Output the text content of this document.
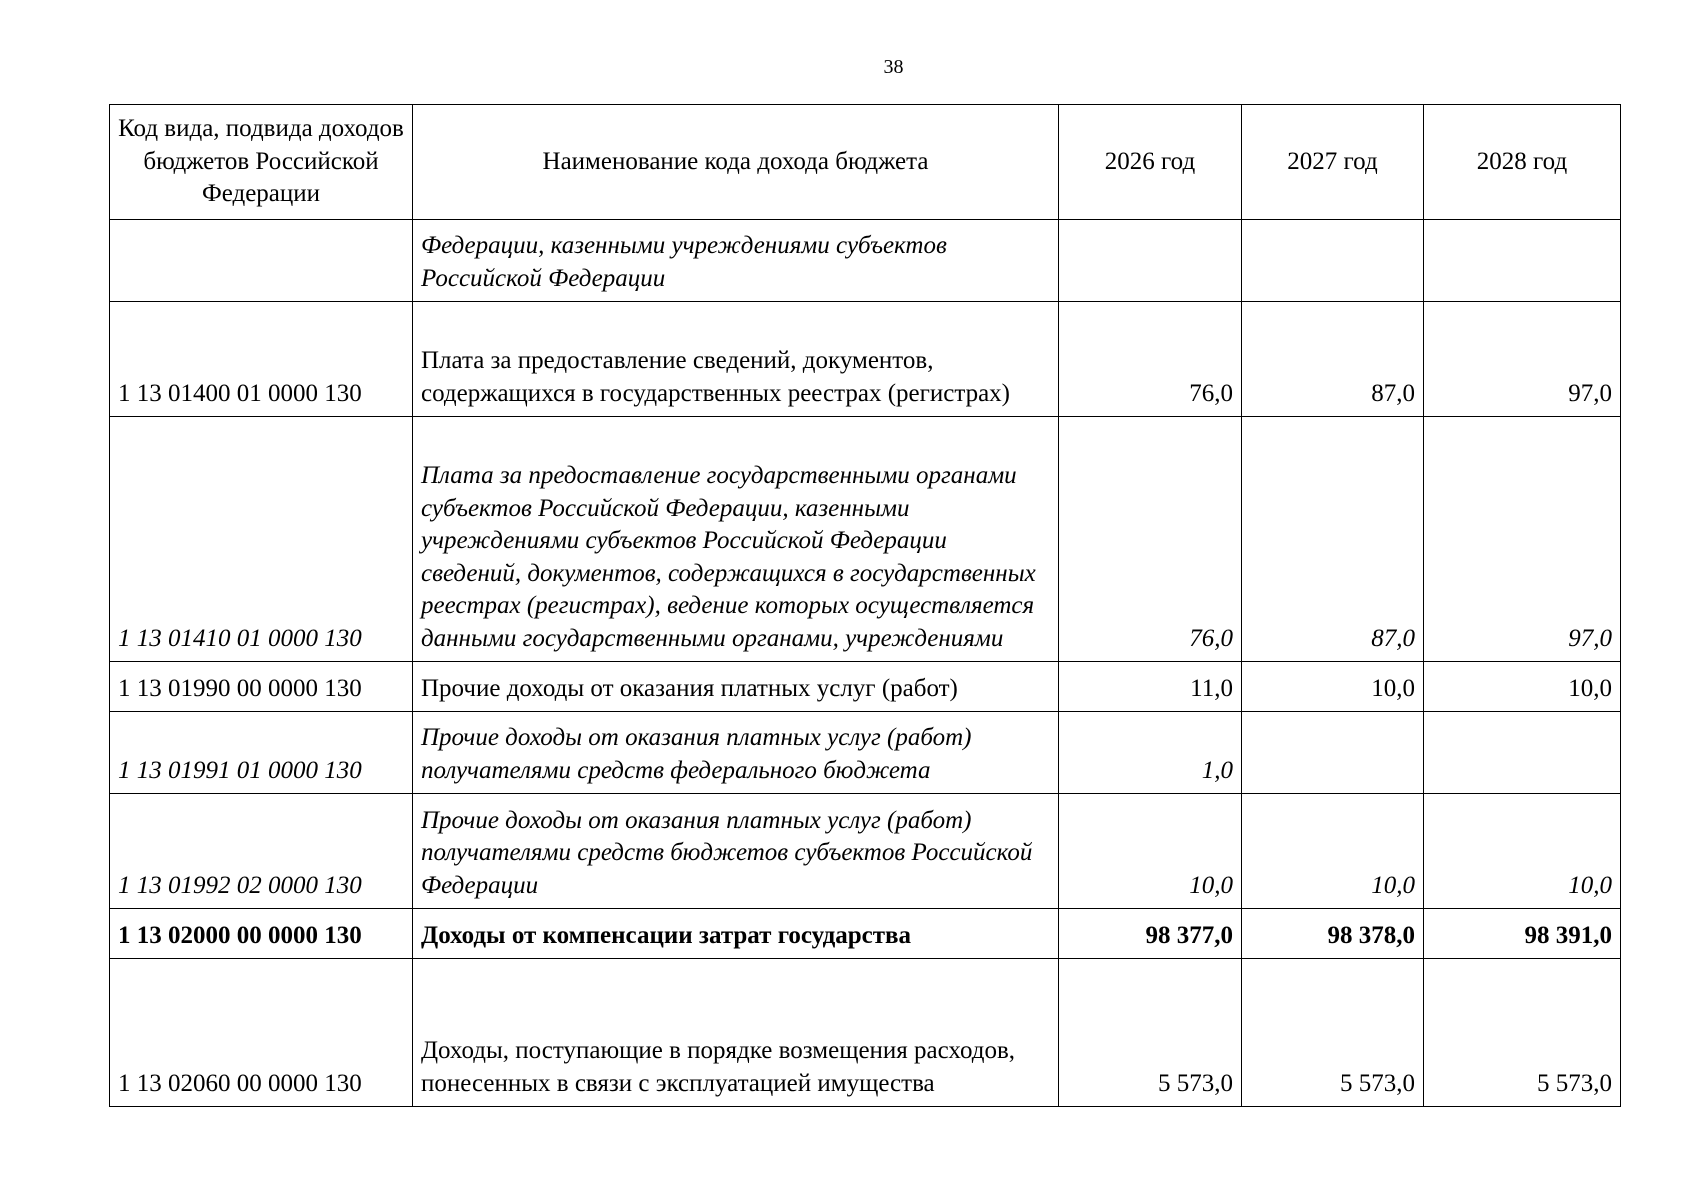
38
Код вида, подвида доходов бюджетов Российской Федерации	Наименование кода дохода бюджета	2026 год	2027 год	2028 год
	Федерации, казенными учреждениями субъектов Российской Федерации			
1 13 01400 01 0000 130	Плата за предоставление сведений, документов, содержащихся в государственных реестрах (регистрах)	76,0	87,0	97,0
1 13 01410 01 0000 130	Плата за предоставление государственными органами субъектов Российской Федерации, казенными учреждениями субъектов Российской Федерации сведений, документов, содержащихся в государственных реестрах (регистрах), ведение которых осуществляется данными государственными органами, учреждениями	76,0	87,0	97,0
1 13 01990 00 0000 130	Прочие доходы от оказания платных услуг (работ)	11,0	10,0	10,0
1 13 01991 01 0000 130	Прочие доходы от оказания платных услуг (работ) получателями средств федерального бюджета	1,0		
1 13 01992 02 0000 130	Прочие доходы от оказания платных услуг (работ) получателями средств бюджетов субъектов Российской Федерации	10,0	10,0	10,0
1 13 02000 00 0000 130	Доходы от компенсации затрат государства	98 377,0	98 378,0	98 391,0
1 13 02060 00 0000 130	Доходы, поступающие в порядке возмещения расходов, понесенных в связи с эксплуатацией имущества	5 573,0	5 573,0	5 573,0
